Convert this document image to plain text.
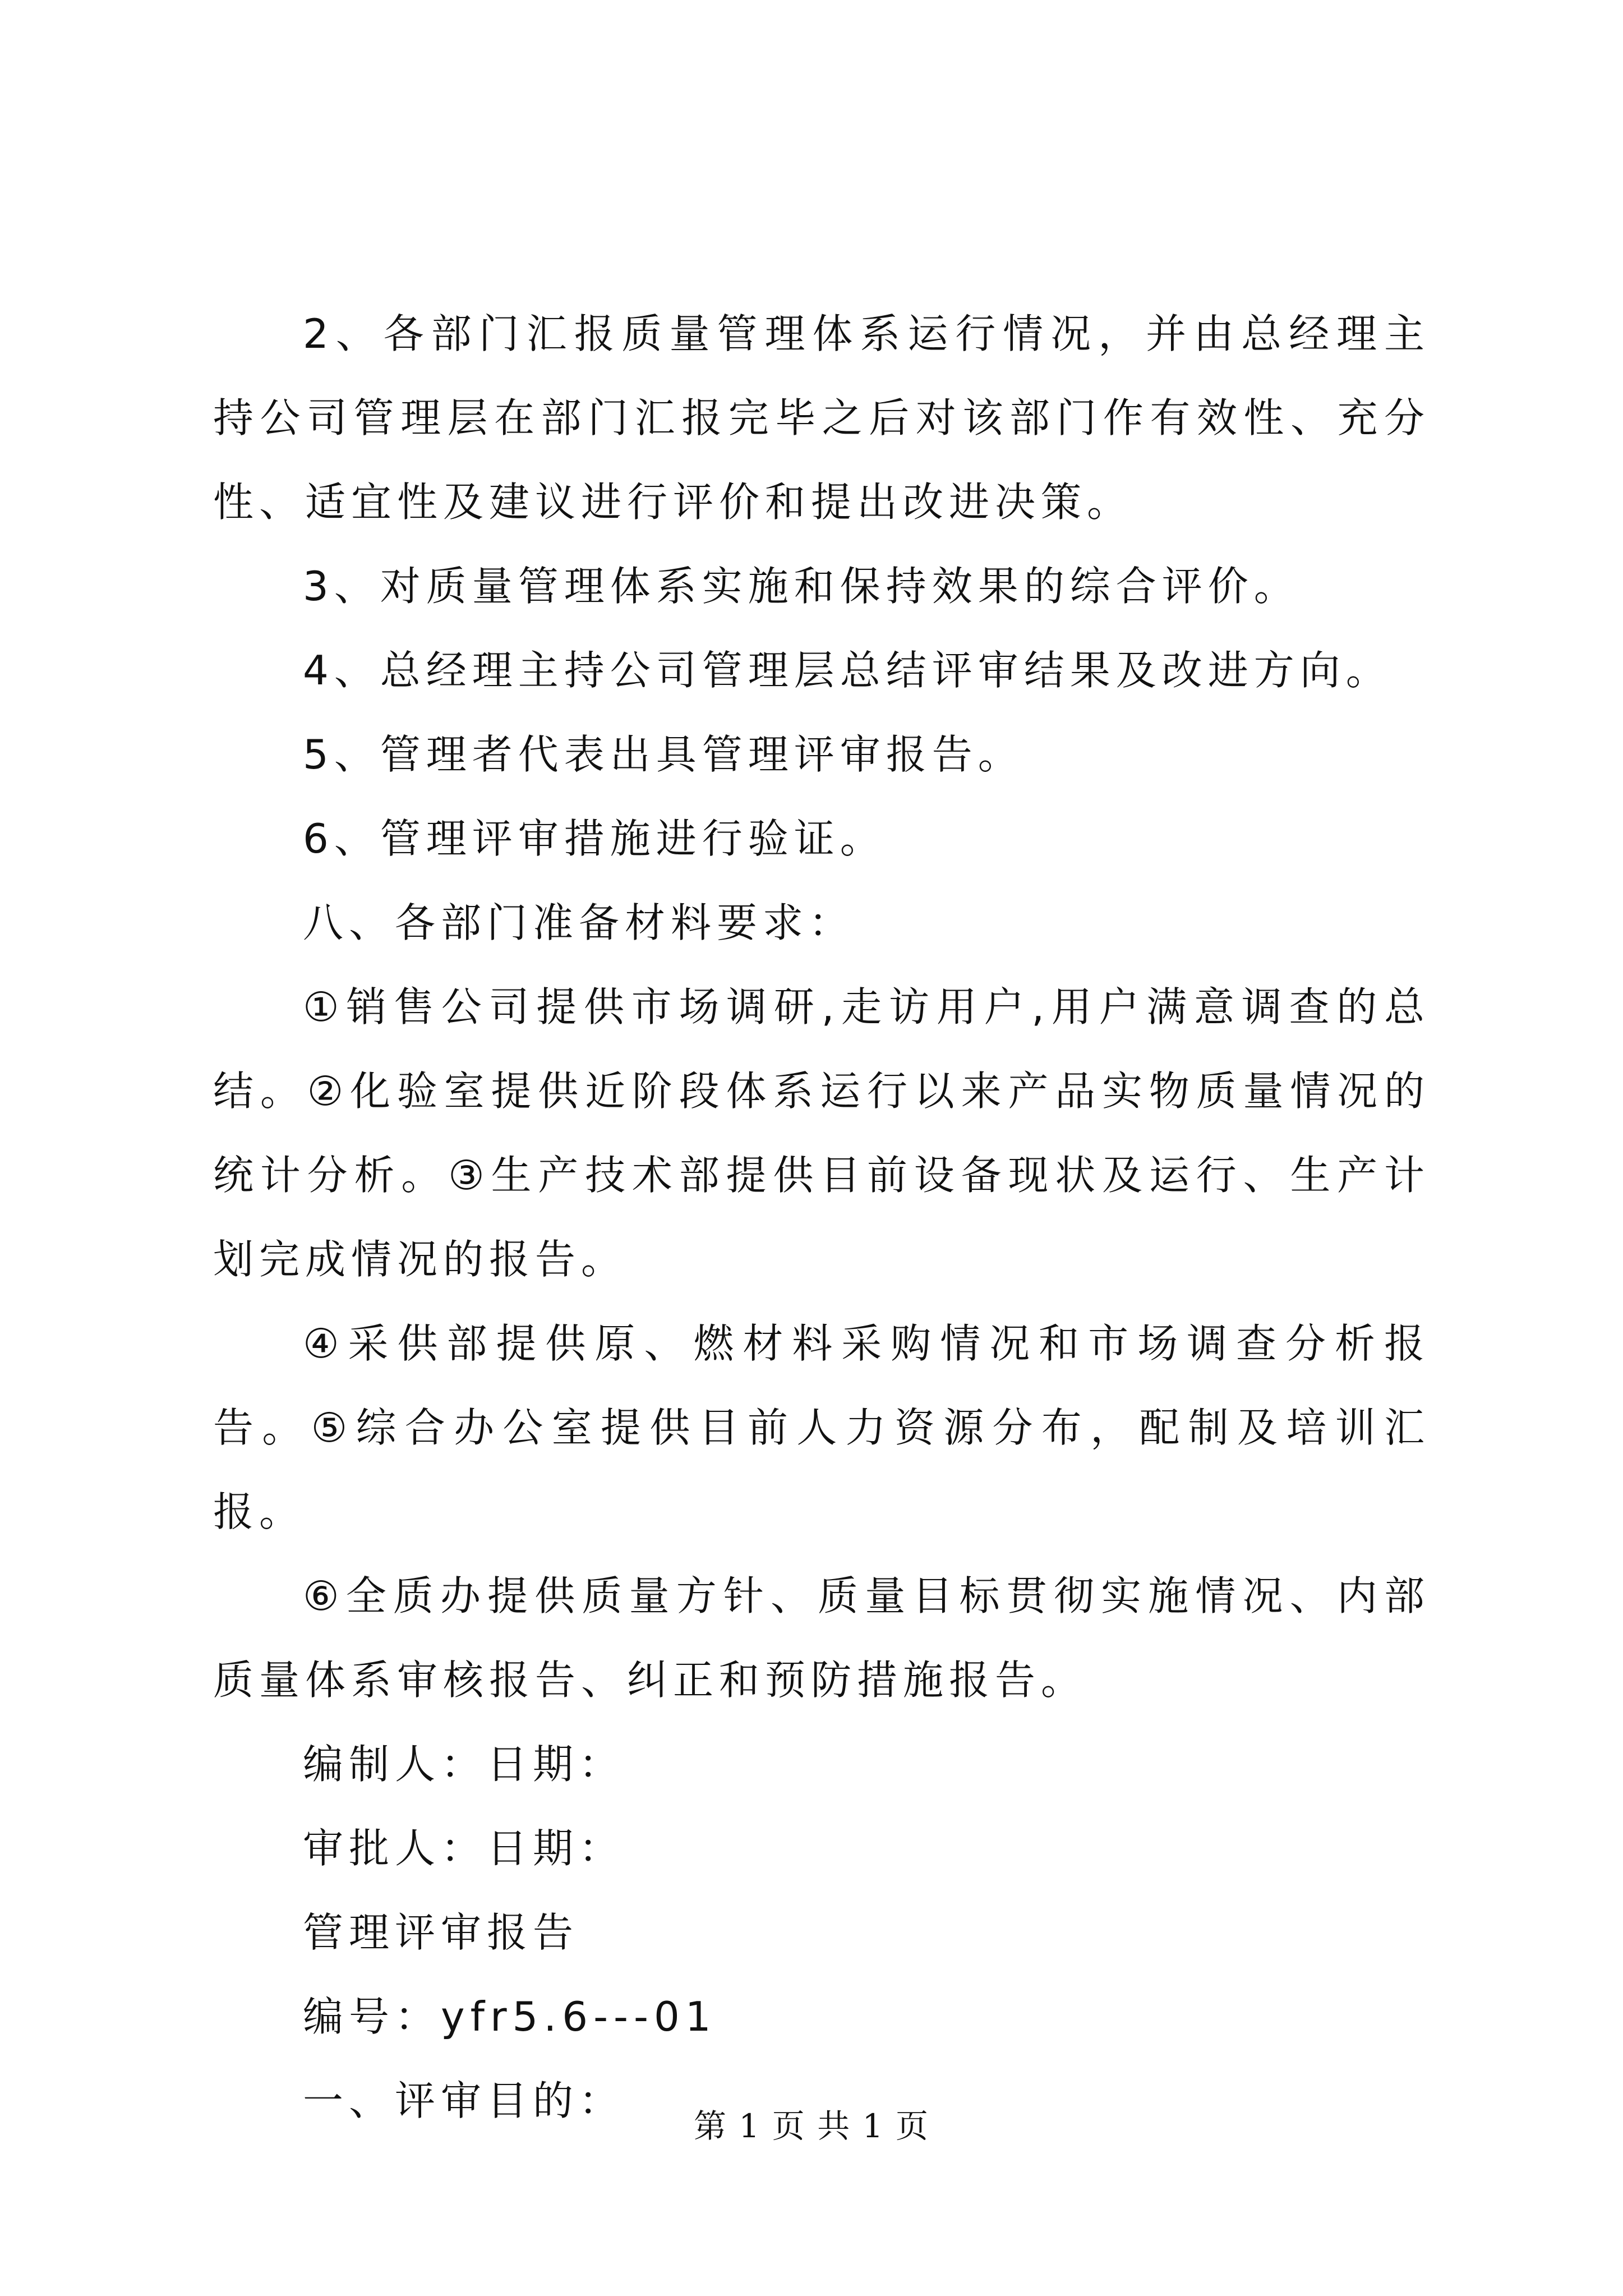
2、各部门汇报质量管理体系运行情况，并由总经理主持公司管理层在部门汇报完毕之后对该部门作有效性、充分性、适宜性及建议进行评价和提出改进决策。

3、对质量管理体系实施和保持效果的综合评价。

4、总经理主持公司管理层总结评审结果及改进方向。

5、管理者代表出具管理评审报告。

6、管理评审措施进行验证。

八、各部门准备材料要求：

①销售公司提供市场调研,走访用户,用户满意调查的总结。②化验室提供近阶段体系运行以来产品实物质量情况的统计分析。③生产技术部提供目前设备现状及运行、生产计划完成情况的报告。

④采供部提供原、燃材料采购情况和市场调查分析报告。⑤综合办公室提供目前人力资源分布，配制及培训汇报。

⑥全质办提供质量方针、质量目标贯彻实施情况、内部质量体系审核报告、纠正和预防措施报告。

编制人：日期：

审批人：日期：

管理评审报告

编号：yfr5.6---01

一、评审目的：

第 1 页 共 1 页
